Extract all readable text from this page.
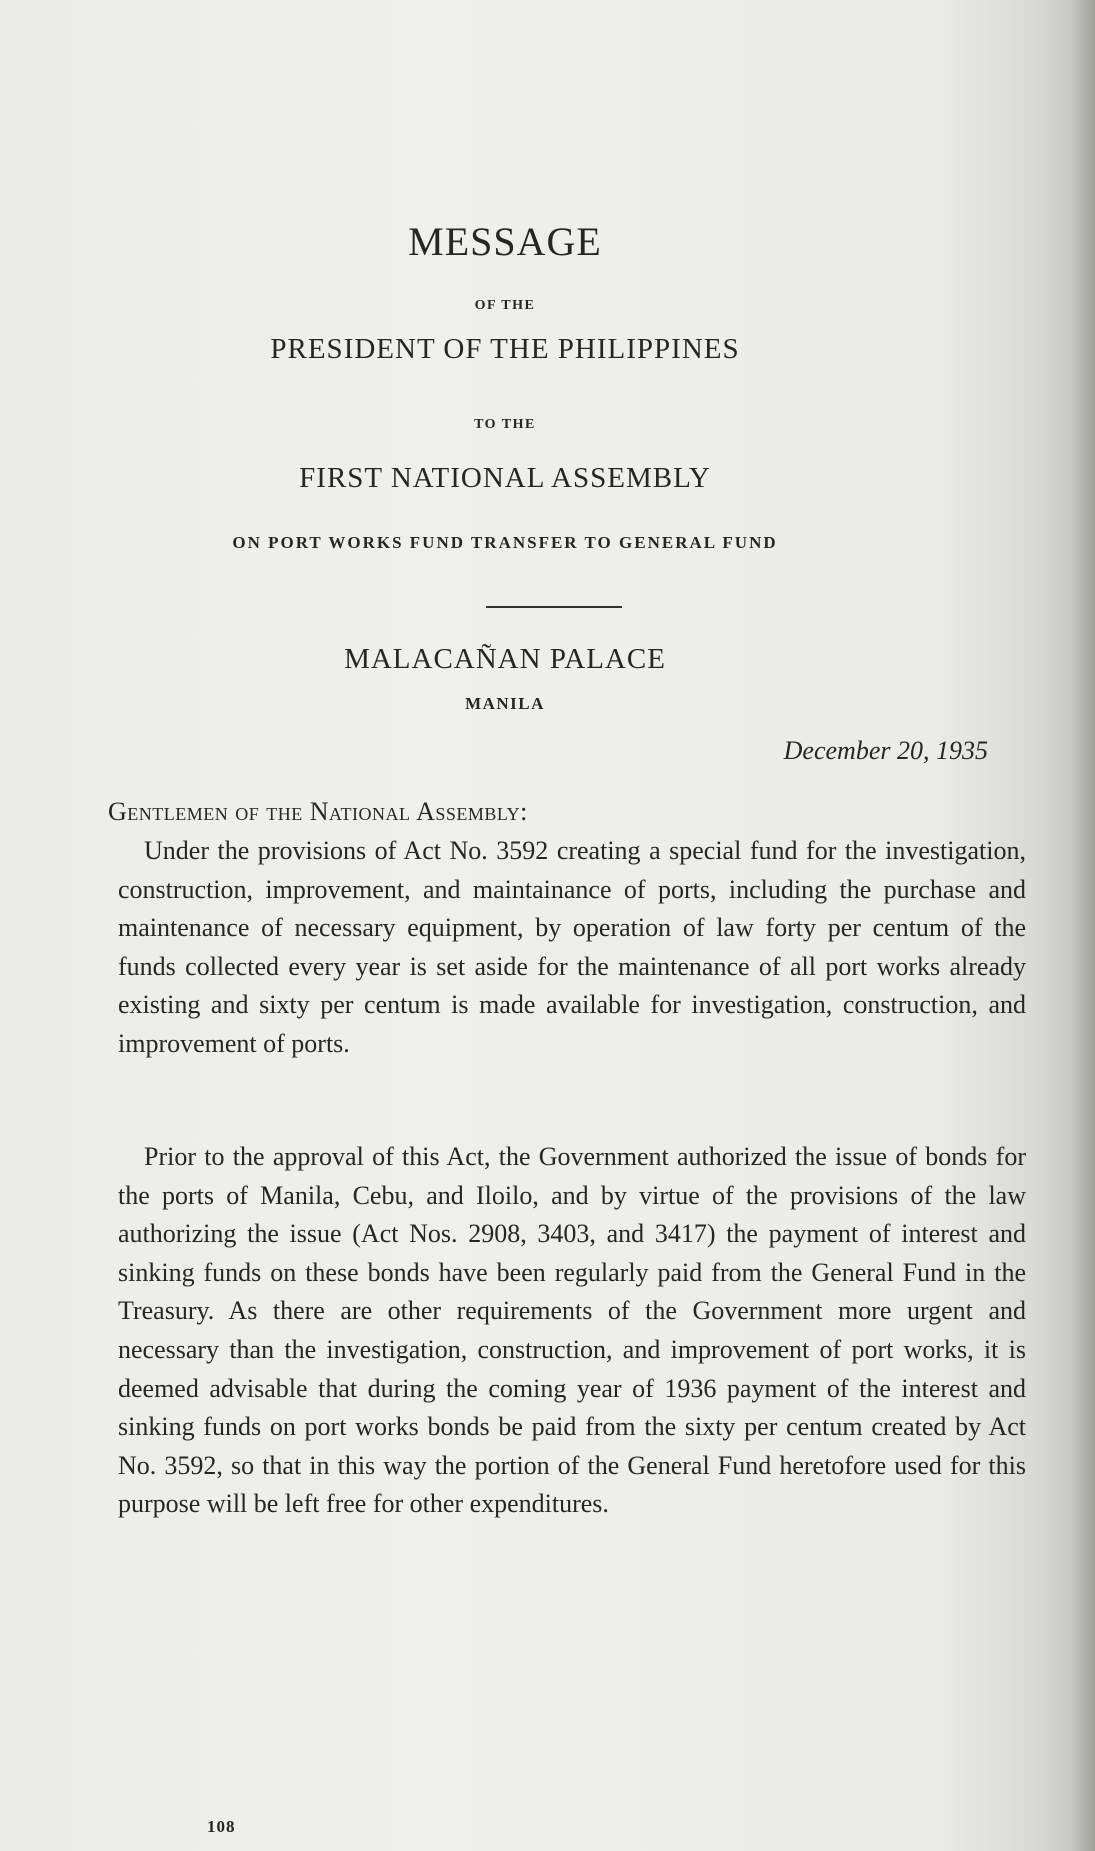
MESSAGE
OF THE
PRESIDENT OF THE PHILIPPINES
TO THE
FIRST NATIONAL ASSEMBLY
ON PORT WORKS FUND TRANSFER TO GENERAL FUND
MALACAÑAN PALACE
MANILA
December 20, 1935
Gentlemen of the National Assembly:

Under the provisions of Act No. 3592 creating a special fund for the investigation, construction, improvement, and maintainance of ports, including the purchase and maintenance of necessary equipment, by operation of law forty per centum of the funds collected every year is set aside for the maintenance of all port works already existing and sixty per centum is made available for investigation, construction, and improvement of ports.

Prior to the approval of this Act, the Government authorized the issue of bonds for the ports of Manila, Cebu, and Iloilo, and by virtue of the provisions of the law authorizing the issue (Act Nos. 2908, 3403, and 3417) the payment of interest and sinking funds on these bonds have been regularly paid from the General Fund in the Treasury. As there are other requirements of the Government more urgent and necessary than the investigation, construction, and improvement of port works, it is deemed advisable that during the coming year of 1936 payment of the interest and sinking funds on port works bonds be paid from the sixty per centum created by Act No. 3592, so that in this way the portion of the General Fund heretofore used for this purpose will be left free for other expenditures.

108
